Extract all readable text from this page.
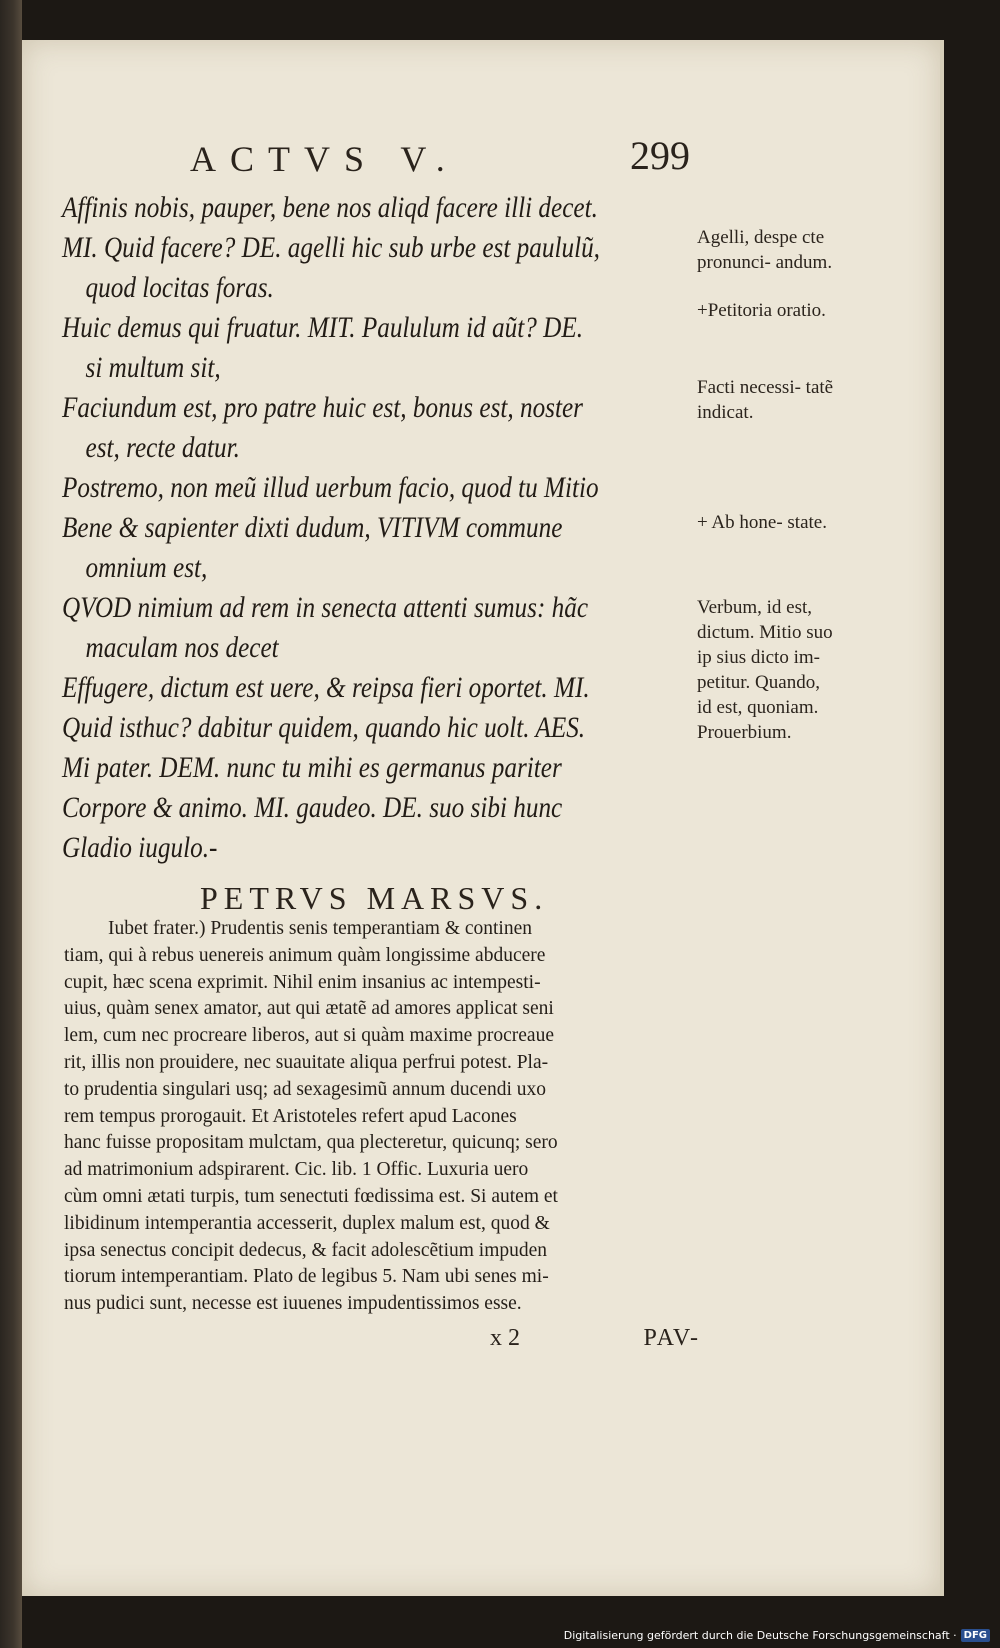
ACTVS V.	299
Affinis nobis, pauper, bene nos aliqd facere illi decet.
MI. Quid facere? DE. agelli hic sub urbe est paululũ,
quod locitas foras.
Huic demus qui fruatur. MIT. Paululum id aũt? DE.
si multum sit,
Faciundum est, pro patre huic est, bonus est, noster
est, recte datur.
Postremo, non meũ illud uerbum facio, quod tu Mitio
Bene & sapienter dixti dudum, VITIVM commune
omnium est,
QVOD nimium ad rem in senecta attenti sumus: hãc
maculam nos decet
Effugere, dictum est uere, & reipsa fieri oportet. MI.
Quid isthuc? dabitur quidem, quando hic uolt. AES.
Mi pater. DEM. nunc tu mihi es germanus pariter
Corpore & animo. MI. gaudeo. DE. suo sibi hunc
Gladio iugulo.-
Agelli, despe cte pronunci- andum.
+Petitoria oratio.
Facti necessi- tatẽ indicat.
+ Ab hone- state.
Verbum, id est, dictum. Mitio suo ip sius dicto im- petitur. Quando, id est, quoniam. Prouerbium.
PETRVS MARSVS.
Iubet frater.) Prudentis senis temperantiam & continen
tiam, qui à rebus uenereis animum quàm longissime abducere
cupit, hæc scena exprimit. Nihil enim insanius ac intempesti-
uius, quàm senex amator, aut qui ætatẽ ad amores applicat seni
lem, cum nec procreare liberos, aut si quàm maxime procreaue
rit, illis non prouidere, nec suauitate aliqua perfrui potest. Pla-
to prudentia singulari usq; ad sexagesimũ annum ducendi uxo
rem tempus prorogauit. Et Aristoteles refert apud Lacones
hanc fuisse propositam mulctam, qua plecteretur, quicunq; sero
ad matrimonium adspirarent. Cic. lib. 1 Offic. Luxuria uero
cùm omni ætati turpis, tum senectuti fœdissima est. Si autem et
libidinum intemperantia accesserit, duplex malum est, quod &
ipsa senectus concipit dedecus, & facit adolescẽtium impuden
tiorum intemperantiam. Plato de legibus 5. Nam ubi senes mi-
nus pudici sunt, necesse est iuuenes impudentissimos esse.
x 2	PAV-
Digitalisierung gefördert durch die Deutsche Forschungsgemeinschaft · DFG
